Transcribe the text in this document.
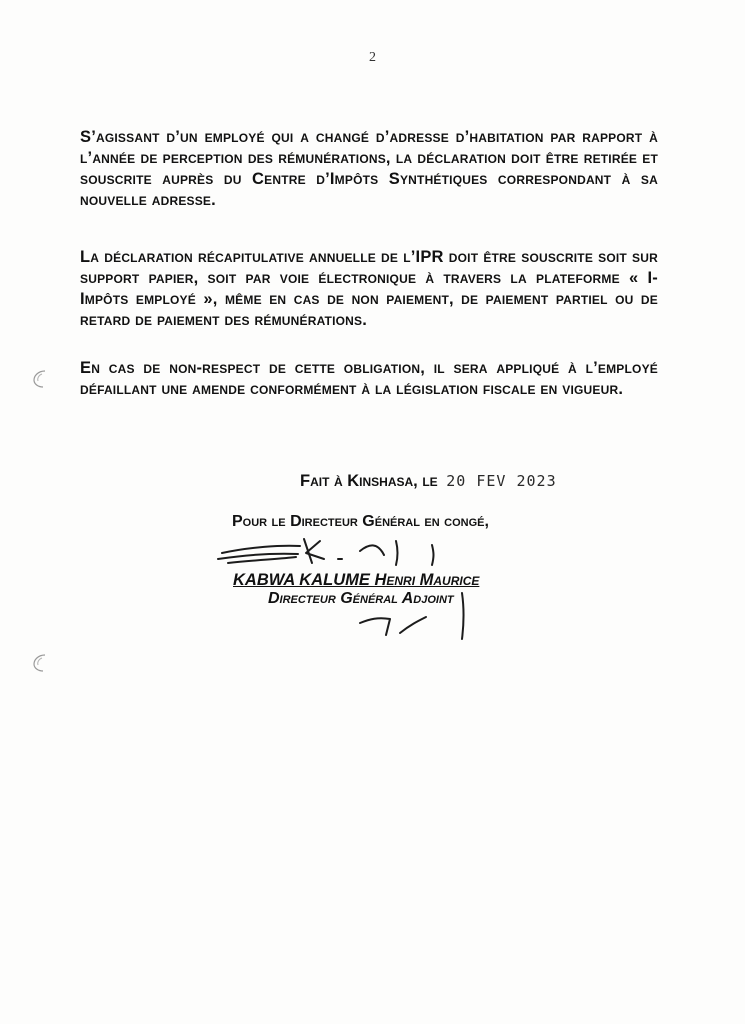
2
S’agissant d’un employé qui a changé d’adresse d’habitation par rapport à l’année de perception des rémunérations, la déclaration doit être retirée et souscrite auprès du Centre d’Impôts Synthétiques correspondant à sa nouvelle adresse.
La déclaration récapitulative annuelle de l’IPR doit être souscrite soit sur support papier, soit par voie électronique à travers la plateforme « I-Impôts employé », même en cas de non paiement, de paiement partiel ou de retard de paiement des rémunérations.
En cas de non-respect de cette obligation, il sera appliqué à l’employé défaillant une amende conformément à la législation fiscale en vigueur.
Fait à Kinshasa, le 20 FEV 2023
Pour le Directeur Général en congé,
KABWA KALUME Henri Maurice
Directeur Général Adjoint
